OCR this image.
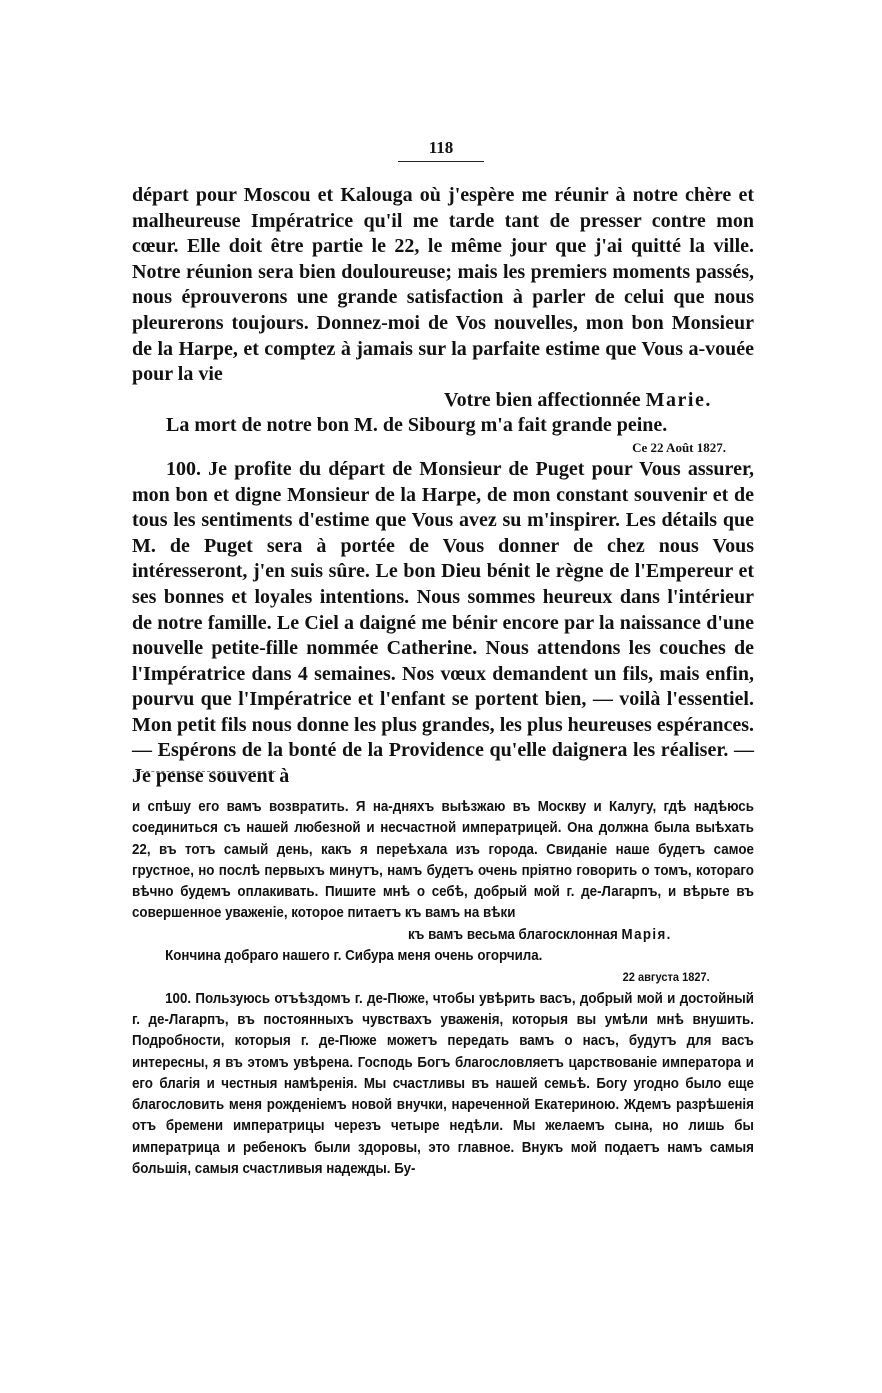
118

départ pour Moscou et Kalouga où j'espère me réunir à notre chère et malheureuse Impératrice qu'il me tarde tant de presser contre mon cœur. Elle doit être partie le 22, le même jour que j'ai quitté la ville. Notre réunion sera bien douloureuse; mais les premiers moments passés, nous éprouverons une grande satisfaction à parler de celui que nous pleurerons toujours. Donnez-moi de Vos nouvelles, mon bon Monsieur de la Harpe, et comptez à jamais sur la parfaite estime que Vous a-vouée pour la vie

Votre bien affectionnée Marie.

La mort de notre bon M. de Sibourg m'a fait grande peine.

Ce 22 Août 1827.

100. Je profite du départ de Monsieur de Puget pour Vous assurer, mon bon et digne Monsieur de la Harpe, de mon constant souvenir et de tous les sentiments d'estime que Vous avez su m'inspirer. Les détails que M. de Puget sera à portée de Vous donner de chez nous Vous intéresseront, j'en suis sûre. Le bon Dieu bénit le règne de l'Empereur et ses bonnes et loyales intentions. Nous sommes heureux dans l'intérieur de notre famille. Le Ciel a daigné me bénir encore par la naissance d'une nouvelle petite-fille nommée Catherine. Nous attendons les couches de l'Impératrice dans 4 semaines. Nos vœux demandent un fils, mais enfin, pourvu que l'Impératrice et l'enfant se portent bien, — voilà l'essentiel. Mon petit fils nous donne les plus grandes, les plus heureuses espérances. — Espérons de la bonté de la Providence qu'elle daignera les réaliser. — Je pense souvent à

и спѣшу его вамъ возвратить. Я на-дняхъ выѣзжаю въ Москву и Калугу, гдѣ надѣюсь соединиться съ нашей любезной и несчастной императрицей. Она должна была выѣхать 22, въ тотъ самый день, какъ я переѣхала изъ города. Свиданіе наше будетъ самое грустное, но послѣ первыхъ минутъ, намъ будетъ очень пріятно говорить о томъ, котораго вѣчно будемъ оплакивать. Пишите мнѣ о себѣ, добрый мой г. де-Лагарпъ, и вѣрьте въ совершенное уваженіе, которое питаетъ къ вамъ на вѣки

къ вамъ весьма благосклонная Марія.

Кончина добраго нашего г. Сибура меня очень огорчила.

22 августа 1827.

100. Пользуюсь отъѣздомъ г. де-Пюже, чтобы увѣрить васъ, добрый мой и достойный г. де-Лагарпъ, въ постоянныхъ чувствахъ уваженія, которыя вы умѣли мнѣ внушить. Подробности, которыя г. де-Пюже можетъ передать вамъ о насъ, будутъ для васъ интересны, я въ этомъ увѣрена. Господь Богъ благословляетъ царствованіе императора и его благія и честныя намѣренія. Мы счастливы въ нашей семьѣ. Богу угодно было еще благословить меня рожденіемъ новой внучки, нареченной Екатериною. Ждемъ разрѣшенія отъ бремени императрицы черезъ четыре недѣли. Мы желаемъ сына, но лишь бы императрица и ребенокъ были здоровы, это главное. Внукъ мой подаетъ намъ самыя большія, самыя счастливыя надежды. Бу-
